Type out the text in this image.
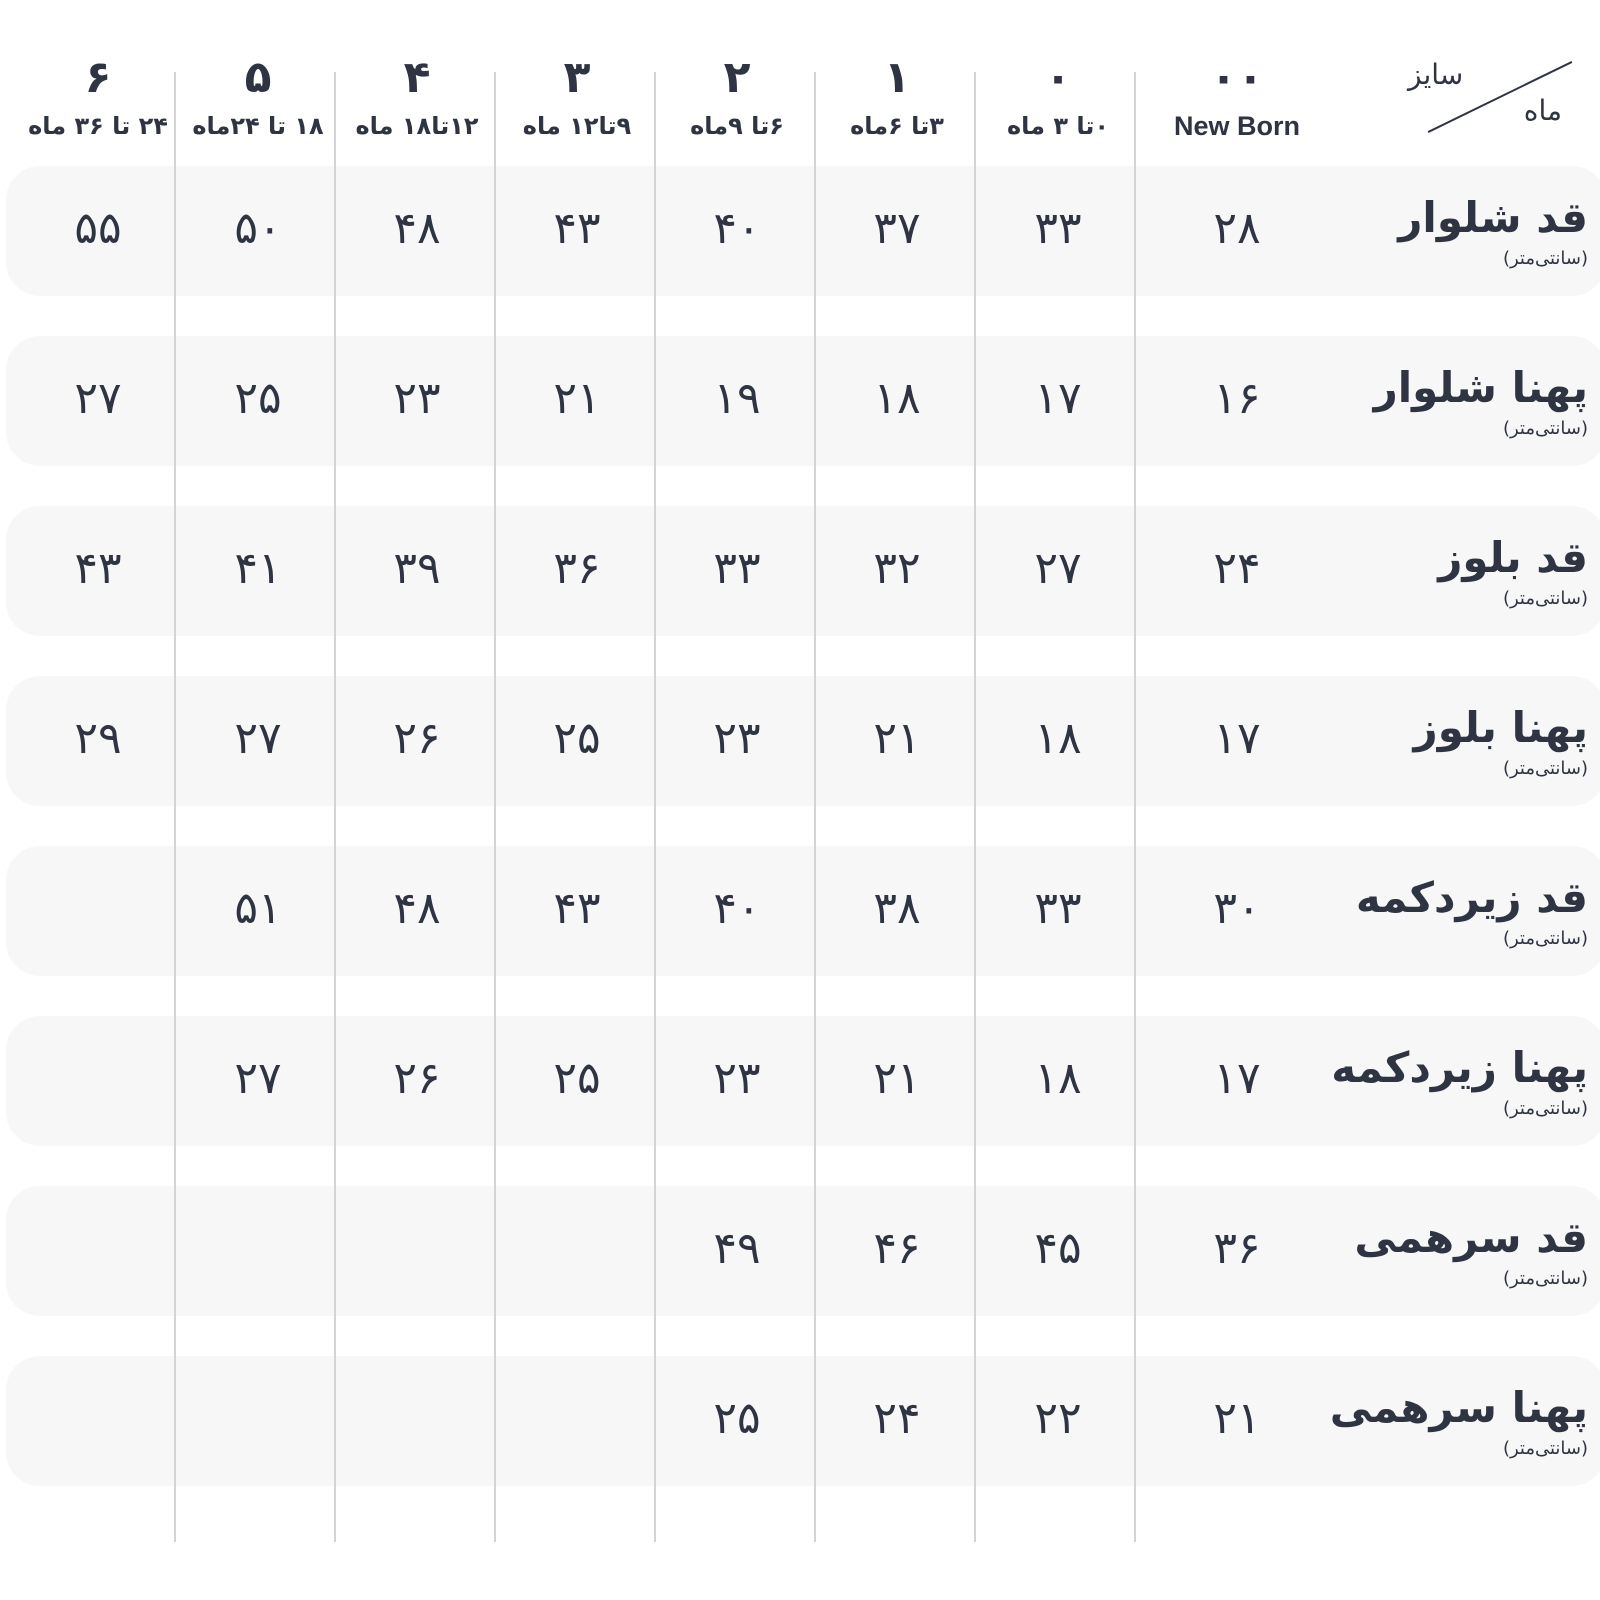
سایز
ماه
۰۰
New Born
۰
۰تا ۳ ماه
۱
۳تا ۶ماه
۲
۶تا ۹ماه
۳
۹تا۱۲ ماه
۴
۱۲تا۱۸ ماه
۵
۱۸ تا ۲۴ماه
۶
۲۴ تا ۳۶ ماه
قد شلوار
(سانتی‌متر)
۲۸
۳۳
۳۷
۴۰
۴۳
۴۸
۵۰
۵۵
پهنا شلوار
(سانتی‌متر)
۱۶
۱۷
۱۸
۱۹
۲۱
۲۳
۲۵
۲۷
قد بلوز
(سانتی‌متر)
۲۴
۲۷
۳۲
۳۳
۳۶
۳۹
۴۱
۴۳
پهنا بلوز
(سانتی‌متر)
۱۷
۱۸
۲۱
۲۳
۲۵
۲۶
۲۷
۲۹
قد زیردکمه
(سانتی‌متر)
۳۰
۳۳
۳۸
۴۰
۴۳
۴۸
۵۱
پهنا زیردکمه
(سانتی‌متر)
۱۷
۱۸
۲۱
۲۳
۲۵
۲۶
۲۷
قد سرهمی
(سانتی‌متر)
۳۶
۴۵
۴۶
۴۹
پهنا سرهمی
(سانتی‌متر)
۲۱
۲۲
۲۴
۲۵
